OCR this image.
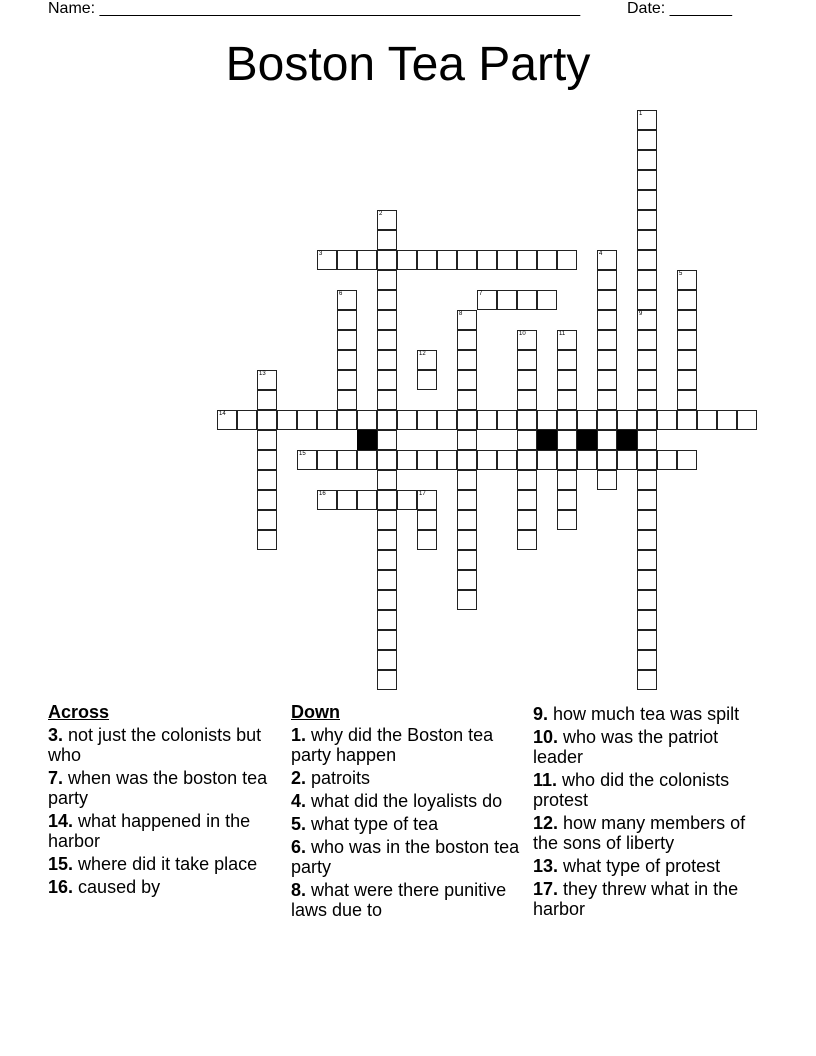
Name: ______________________________________________________	Date: _______
Boston Tea Party
1
9
2
3	4
5
6	7
8
10	11
12
13
14
15
16	17
Across
3. not just the colonists but who
7. when was the boston tea party
14. what happened in the harbor
15. where did it take place
16. caused by
Down
1. why did the Boston tea party happen
2. patroits
4. what did the loyalists do
5. what type of tea
6. who was in the boston tea party
8. what were there punitive laws due to
9. how much tea was spilt
10. who was the patriot leader
11. who did the colonists protest
12. how many members of the sons of liberty
13. what type of protest
17. they threw what in the harbor
